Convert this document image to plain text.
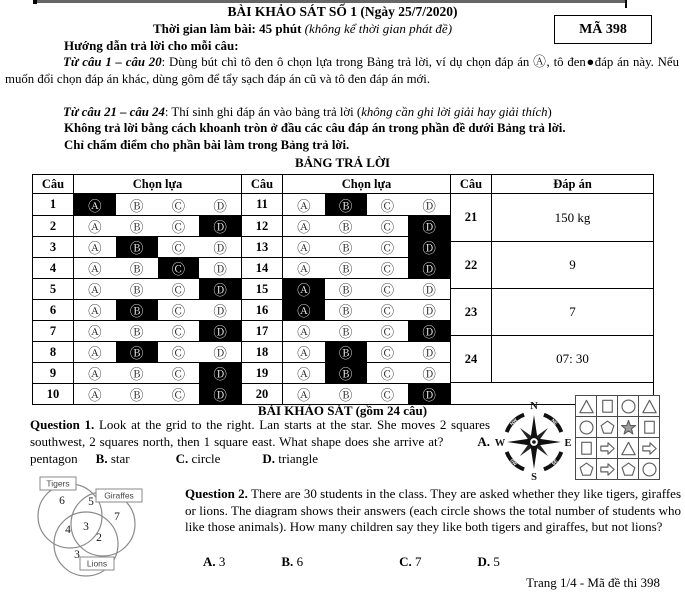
BÀI KHẢO SÁT SỐ 1 (Ngày 25/7/2020)
Thời gian làm bài: 45 phút (không kể thời gian phát đề)	MÃ 398
Hướng dẫn trả lời cho mỗi câu:
Từ câu 1 – câu 20: Dùng bút chì tô đen ô chọn lựa trong Bảng trả lời, ví dụ chọn đáp án Ⓐ, tô đen●đáp án này. Nếu muốn đổi chọn đáp án khác, dùng gôm để tẩy sạch đáp án cũ và tô đen đáp án mới.
Từ câu 21 – câu 24: Thí sinh ghi đáp án vào bảng trả lời (không cần ghi lời giải hay giải thích)
Không trả lời bằng cách khoanh tròn ở đầu các câu đáp án trong phần đề dưới Bảng trả lời.
Chỉ chấm điểm cho phần bài làm trong Bảng trả lời.
BẢNG TRẢ LỜI
Câu	Chọn lựa
1	Ⓐ	Ⓑ	Ⓒ	Ⓓ
2	Ⓐ	Ⓑ	Ⓒ	Ⓓ
3	Ⓐ	Ⓑ	Ⓒ	Ⓓ
4	Ⓐ	Ⓑ	Ⓒ	Ⓓ
5	Ⓐ	Ⓑ	Ⓒ	Ⓓ
6	Ⓐ	Ⓑ	Ⓒ	Ⓓ
7	Ⓐ	Ⓑ	Ⓒ	Ⓓ
8	Ⓐ	Ⓑ	Ⓒ	Ⓓ
9	Ⓐ	Ⓑ	Ⓒ	Ⓓ
10	Ⓐ	Ⓑ	Ⓒ	Ⓓ
Câu	Chọn lựa
11	Ⓐ	Ⓑ	Ⓒ	Ⓓ
12	Ⓐ	Ⓑ	Ⓒ	Ⓓ
13	Ⓐ	Ⓑ	Ⓒ	Ⓓ
14	Ⓐ	Ⓑ	Ⓒ	Ⓓ
15	Ⓐ	Ⓑ	Ⓒ	Ⓓ
16	Ⓐ	Ⓑ	Ⓒ	Ⓓ
17	Ⓐ	Ⓑ	Ⓒ	Ⓓ
18	Ⓐ	Ⓑ	Ⓒ	Ⓓ
19	Ⓐ	Ⓑ	Ⓒ	Ⓓ
20	Ⓐ	Ⓑ	Ⓒ	Ⓓ
Câu	Đáp án
21	150 kg
22	9
23	7
24	07: 30
BÀI KHẢO SÁT (gồm 24 câu)
Question 1. Look at the grid to the right. Lan starts at the star. She moves 2 squares southwest, 2 squares north, then 1 square east. What shape does she arrive at?	A. pentagon B. star	C. circle	D. triangle
NE
NW
SW	SE
N
S
W	E
6 5
7
4 3
2
3
Tigers
Giraffes
Lions
Question 2. There are 30 students in the class. They are asked whether they like tigers, giraffes or lions. The diagram shows their answers (each circle shows the total number of students who like those animals). How many children say they like both tigers and giraffes, but not lions?
A. 3	B. 6	C. 7	D. 5
Trang 1/4 - Mã đề thi 398
